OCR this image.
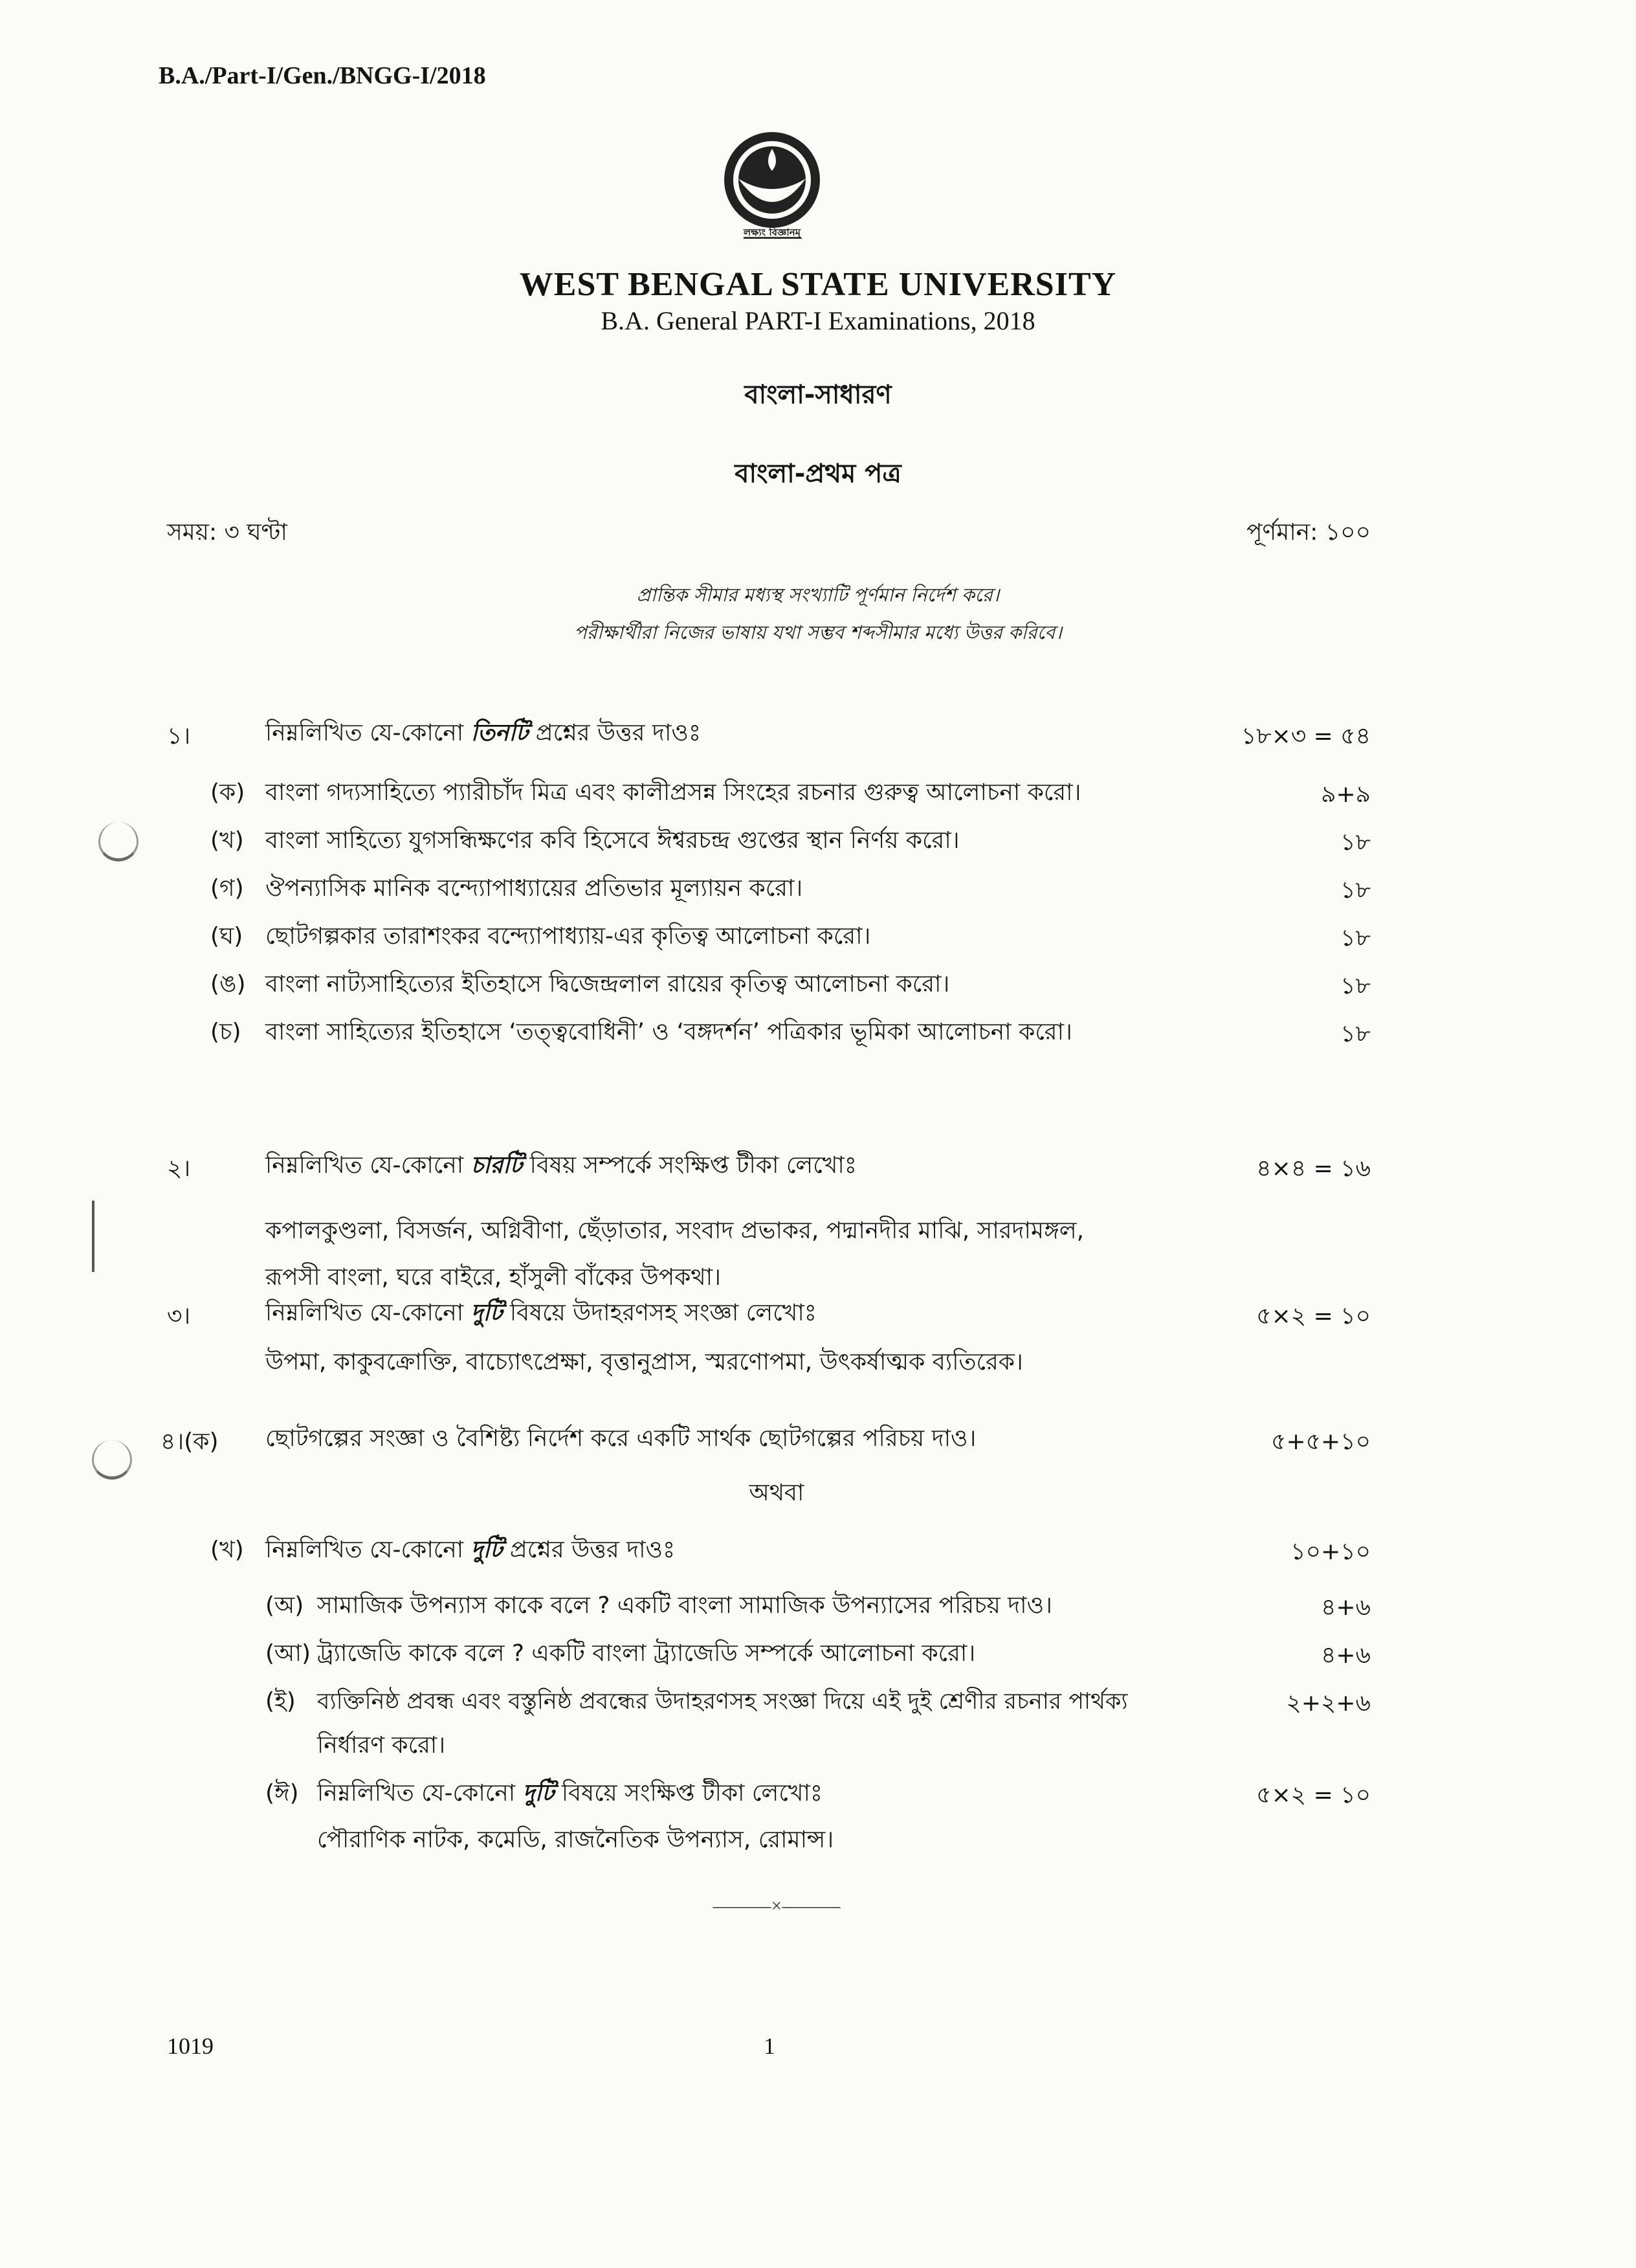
B.A./Part-I/Gen./BNGG-I/2018
লক্ষ্যং বিজ্ঞানম্
WEST BENGAL STATE UNIVERSITY
B.A. General PART-I Examinations, 2018
বাংলা-সাধারণ
বাংলা-প্রথম পত্র
সময়: ৩ ঘণ্টা	পূর্ণমান: ১০০
প্রান্তিক সীমার মধ্যস্থ সংখ্যাটি পূর্ণমান নির্দেশ করে।
পরীক্ষার্থীরা নিজের ভাষায় যথা সম্ভব শব্দসীমার মধ্যে উত্তর করিবে।
১।	নিম্নলিখিত যে-কোনো তিনটি প্রশ্নের উত্তর দাওঃ	১৮×৩ = ৫৪
(ক) বাংলা গদ্যসাহিত্যে প্যারীচাঁদ মিত্র এবং কালীপ্রসন্ন সিংহের রচনার গুরুত্ব আলোচনা করো।	৯+৯
(খ) বাংলা সাহিত্যে যুগসন্ধিক্ষণের কবি হিসেবে ঈশ্বরচন্দ্র গুপ্তের স্থান নির্ণয় করো।	১৮
(গ) ঔপন্যাসিক মানিক বন্দ্যোপাধ্যায়ের প্রতিভার মূল্যায়ন করো।	১৮
(ঘ) ছোটগল্পকার তারাশংকর বন্দ্যোপাধ্যায়-এর কৃতিত্ব আলোচনা করো।	১৮
(ঙ) বাংলা নাট্যসাহিত্যের ইতিহাসে দ্বিজেন্দ্রলাল রায়ের কৃতিত্ব আলোচনা করো।	১৮
(চ) বাংলা সাহিত্যের ইতিহাসে ‘তত্ত্ববোধিনী’ ও ‘বঙ্গদর্শন’ পত্রিকার ভূমিকা আলোচনা করো।	১৮
২।	নিম্নলিখিত যে-কোনো চারটি বিষয় সম্পর্কে সংক্ষিপ্ত টীকা লেখোঃ	৪×৪ = ১৬
কপালকুণ্ডলা, বিসর্জন, অগ্নিবীণা, ছেঁড়াতার, সংবাদ প্রভাকর, পদ্মানদীর মাঝি, সারদামঙ্গল,
রূপসী বাংলা, ঘরে বাইরে, হাঁসুলী বাঁকের উপকথা।
৩।	নিম্নলিখিত যে-কোনো দুটি বিষয়ে উদাহরণসহ সংজ্ঞা লেখোঃ	৫×২ = ১০
উপমা, কাকুবক্রোক্তি, বাচ্যোৎপ্রেক্ষা, বৃত্তানুপ্রাস, স্মরণোপমা, উৎকর্ষাত্মক ব্যতিরেক।
৪।(ক) ছোটগল্পের সংজ্ঞা ও বৈশিষ্ট্য নির্দেশ করে একটি সার্থক ছোটগল্পের পরিচয় দাও।	৫+৫+১০
অথবা
(খ) নিম্নলিখিত যে-কোনো দুটি প্রশ্নের উত্তর দাওঃ	১০+১০
(অ) সামাজিক উপন্যাস কাকে বলে ? একটি বাংলা সামাজিক উপন্যাসের পরিচয় দাও।	৪+৬
(আ) ট্র্যাজেডি কাকে বলে ? একটি বাংলা ট্র্যাজেডি সম্পর্কে আলোচনা করো।	৪+৬
(ই) ব্যক্তিনিষ্ঠ প্রবন্ধ এবং বস্তুনিষ্ঠ প্রবন্ধের উদাহরণসহ সংজ্ঞা দিয়ে এই দুই শ্রেণীর রচনার পার্থক্য	২+২+৬
নির্ধারণ করো।
(ঈ) নিম্নলিখিত যে-কোনো দুটি বিষয়ে সংক্ষিপ্ত টীকা লেখোঃ	৫×২ = ১০
পৌরাণিক নাটক, কমেডি, রাজনৈতিক উপন্যাস, রোমান্স।
———×———
1019	1
